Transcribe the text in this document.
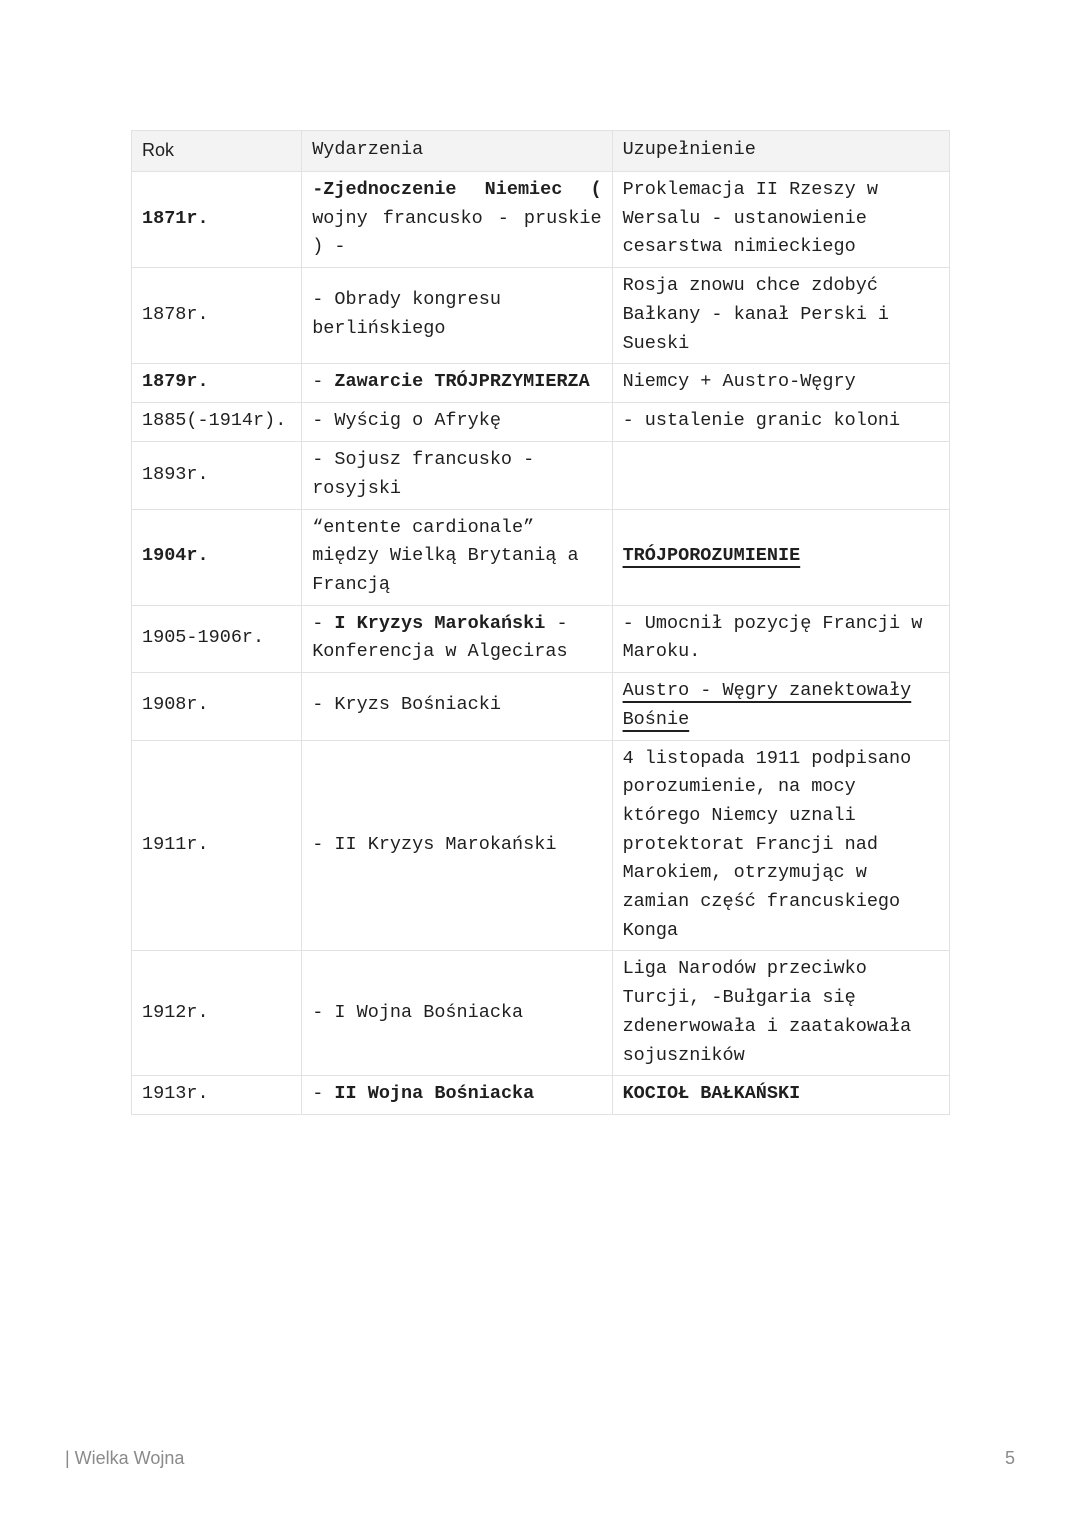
Rok	Wydarzenia	Uzupełnienie
1871r.	-Zjednoczenie Niemiec ( wojny francusko - pruskie ) -	Proklemacja II Rzeszy w Wersalu - ustanowienie cesarstwa nimieckiego
1878r.	- Obrady kongresu berlińskiego	Rosja znowu chce zdobyć Bałkany - kanał Perski i Sueski
1879r.	- Zawarcie TRÓJPRZYMIERZA	Niemcy + Austro-Węgry
1885(-1914r).	- Wyścig o Afrykę	- ustalenie granic koloni
1893r.	- Sojusz francusko - rosyjski	
1904r.	“entente cardionale” między Wielką Brytanią a Francją	TRÓJPOROZUMIENIE
1905-1906r.	- I Kryzys Marokański - Konferencja w Algeciras	- Umocnił pozycję Francji w Maroku.
1908r.	- Kryzs Bośniacki	Austro - Węgry zanektowały Bośnie
1911r.	- II Kryzys Marokański	4 listopada 1911 podpisano porozumienie, na mocy którego Niemcy uznali protektorat Francji nad Marokiem, otrzymując w zamian część francuskiego Konga
1912r.	- I Wojna Bośniacka	Liga Narodów przeciwko Turcji, -Bułgaria się zdenerwowała i zaatakowała sojuszników
1913r.	- II Wojna Bośniacka	KOCIOŁ BAŁKAŃSKI
| Wielka Wojna	5
